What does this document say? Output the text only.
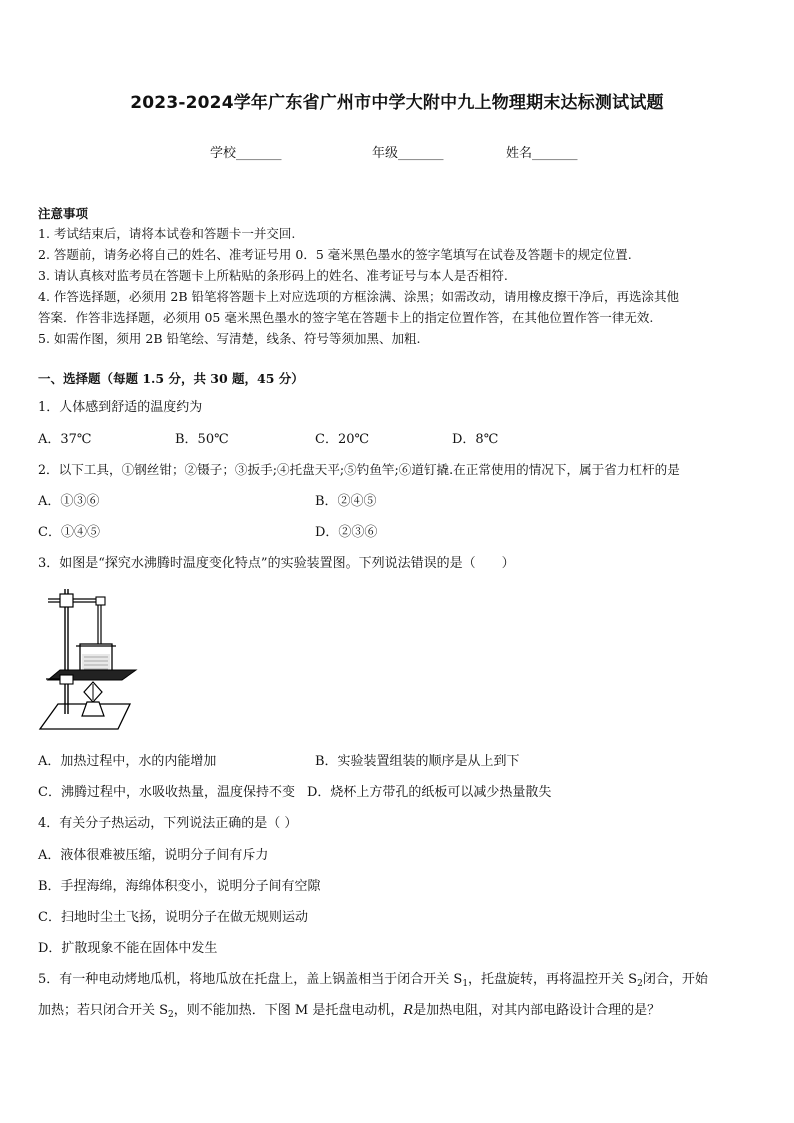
2023-2024学年广东省广州市中学大附中九上物理期末达标测试试题
学校_______	年级_______	姓名_______
注意事项
1. 考试结束后，请将本试卷和答题卡一并交回.
2. 答题前，请务必将自己的姓名、准考证号用 0．5 毫米黑色墨水的签字笔填写在试卷及答题卡的规定位置.
3. 请认真核对监考员在答题卡上所粘贴的条形码上的姓名、准考证号与本人是否相符.
4. 作答选择题，必须用 2B 铅笔将答题卡上对应选项的方框涂满、涂黑；如需改动，请用橡皮擦干净后，再选涂其他
答案．作答非选择题，必须用 05 毫米黑色墨水的签字笔在答题卡上的指定位置作答，在其他位置作答一律无效.
5. 如需作图，须用 2B 铅笔绘、写清楚，线条、符号等须加黑、加粗.
一、选择题（每题 1.5 分，共 30 题，45 分）
1．人体感到舒适的温度约为
A．37℃	B．50℃	C．20℃	D．8℃
2．以下工具，①钢丝钳；②镊子；③扳手;④托盘天平;⑤钓鱼竿;⑥道钉撬.在正常使用的情况下，属于省力杠杆的是
A．①③⑥	B．②④⑤
C．①④⑤	D．②③⑥
3．如图是“探究水沸腾时温度变化特点”的实验装置图。下列说法错误的是（　　）
A．加热过程中，水的内能增加	B．实验装置组装的顺序是从上到下
C．沸腾过程中，水吸收热量，温度保持不变 D．烧杯上方带孔的纸板可以减少热量散失
4．有关分子热运动，下列说法正确的是（ ）
A．液体很难被压缩，说明分子间有斥力
B．手捏海绵，海绵体积变小，说明分子间有空隙
C．扫地时尘土飞扬，说明分子在做无规则运动
D．扩散现象不能在固体中发生
5．有一种电动烤地瓜机，将地瓜放在托盘上，盖上锅盖相当于闭合开关 $S_1$，托盘旋转，再将温控开关 $S_2$闭合，开始
加热；若只闭合开关 $S_2$，则不能加热．下图 M 是托盘电动机，R是加热电阻，对其内部电路设计合理的是？
